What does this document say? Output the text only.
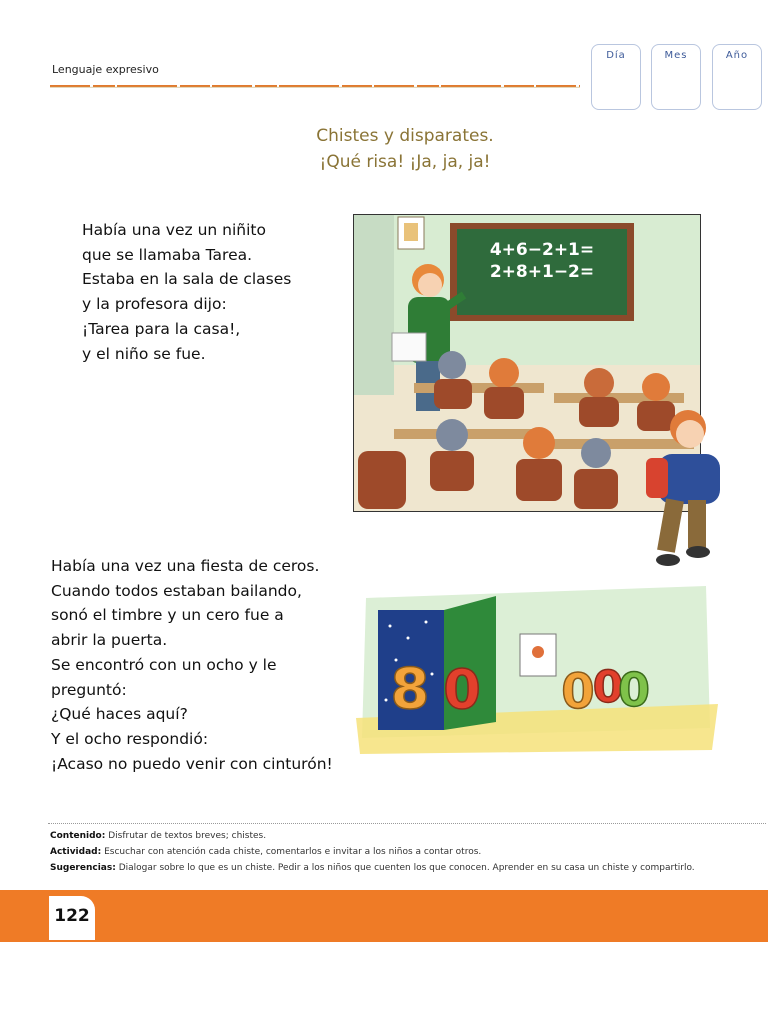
Lenguaje expresivo
Día	Mes	Año
Chistes y disparates.
¡Qué risa! ¡Ja, ja, ja!
Había una vez un niñito
que se llamaba Tarea.
Estaba en la sala de clases
y la profesora dijo:
¡Tarea para la casa!,
y el niño se fue.
4+6−2+1=
2+8+1−2=
Había una vez una fiesta de ceros.
Cuando todos estaban bailando,
sonó el timbre y un cero fue a
abrir la puerta.
Se encontró con un ocho y le
preguntó:
¿Qué haces aquí?
Y el ocho respondió:
¡Acaso no puedo venir con cinturón!
8 0 0
0
0
Contenido: Disfrutar de textos breves; chistes.
Actividad: Escuchar con atención cada chiste, comentarlos e invitar a los niños a contar otros.
Sugerencias: Dialogar sobre lo que es un chiste. Pedir a los niños que cuenten los que conocen. Aprender en su casa un chiste y compartirlo.
122
